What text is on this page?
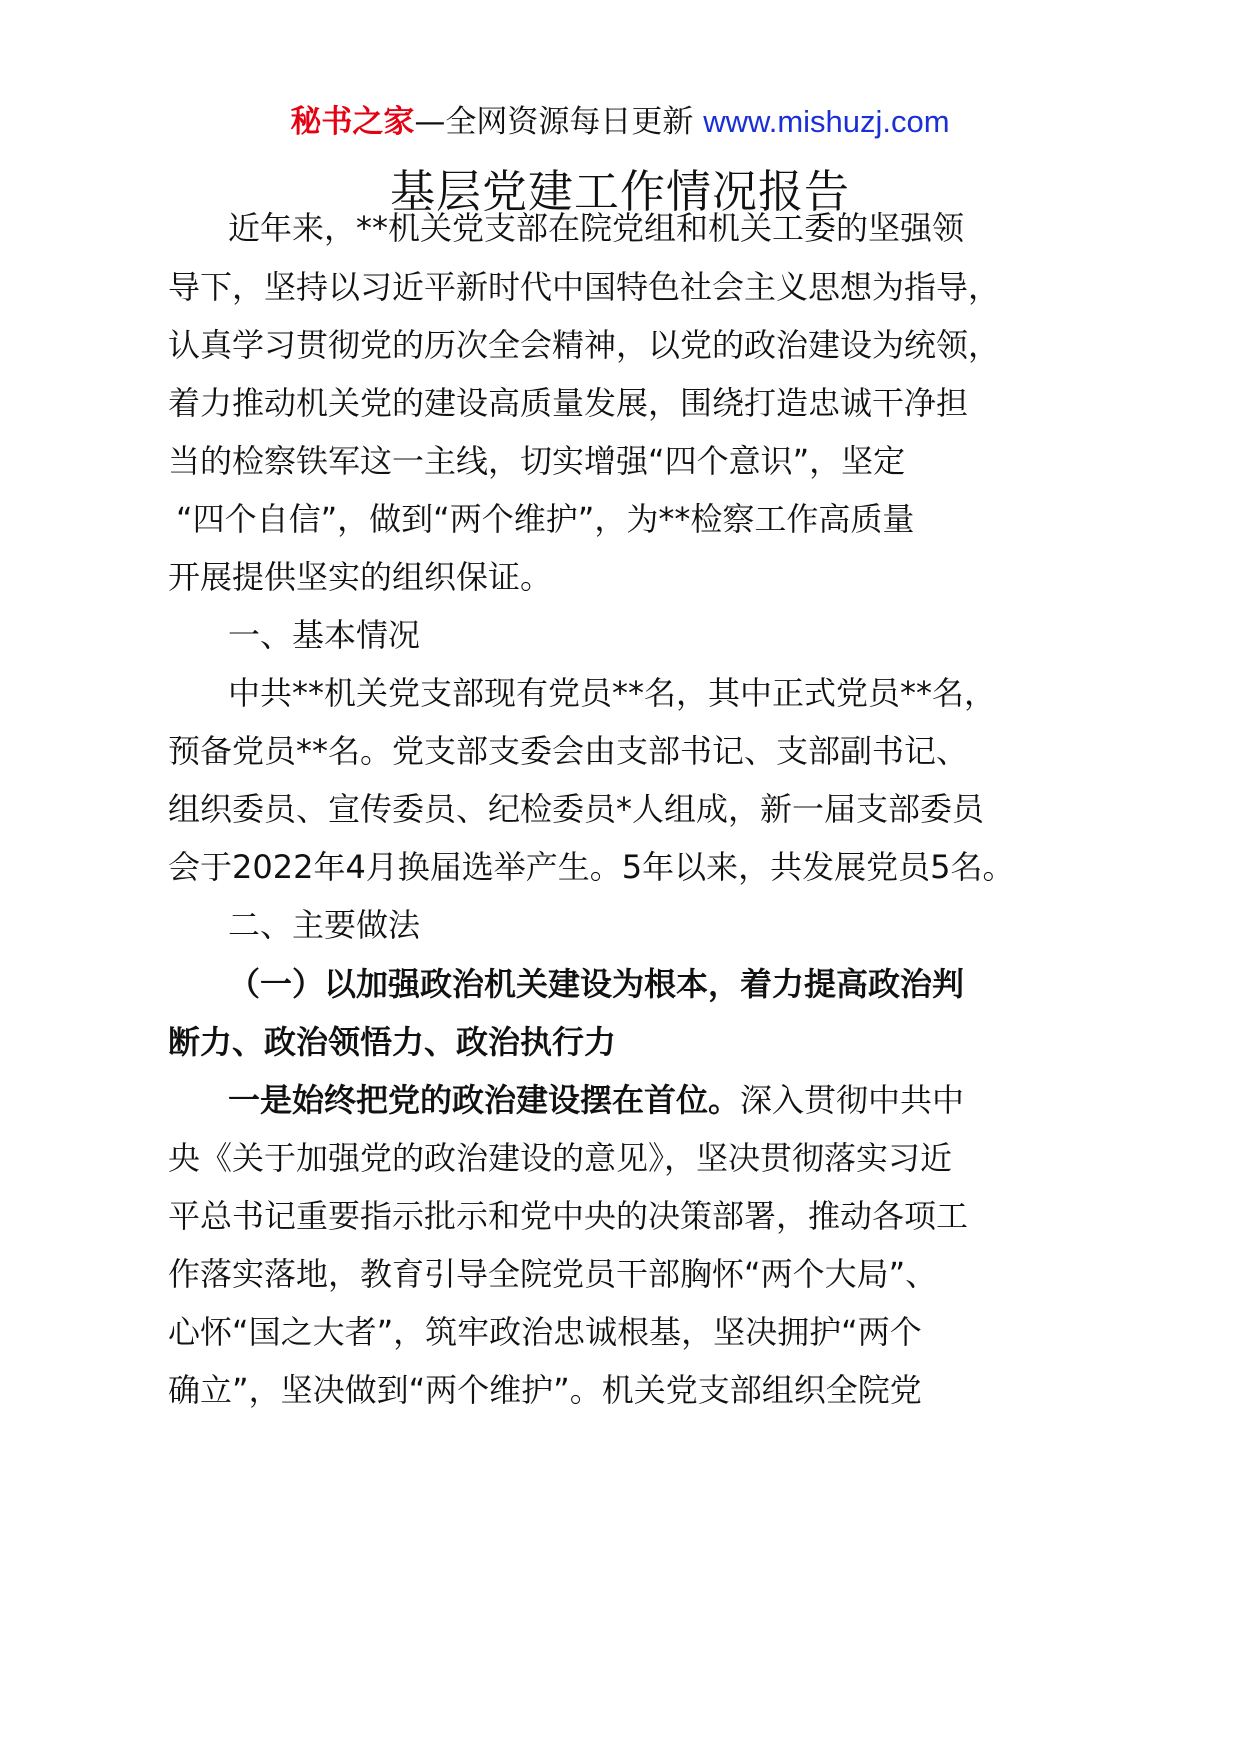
秘书之家—全网资源每日更新 www.mishuzj.com
基层党建工作情况报告
近年来，**机关党支部在院党组和机关工委的坚强领
导下，坚持以习近平新时代中国特色社会主义思想为指导，
认真学习贯彻党的历次全会精神，以党的政治建设为统领，
着力推动机关党的建设高质量发展，围绕打造忠诚干净担
当的检察铁军这一主线，切实增强“四个意识”，坚定
“四个自信”，做到“两个维护”，为**检察工作高质量
开展提供坚实的组织保证。
一、基本情况
中共**机关党支部现有党员**名，其中正式党员**名，
预备党员**名。党支部支委会由支部书记、支部副书记、
组织委员、宣传委员、纪检委员*人组成，新一届支部委员
会于2022年4月换届选举产生。5年以来，共发展党员5名。
二、主要做法
（一）以加强政治机关建设为根本，着力提高政治判
断力、政治领悟力、政治执行力
一是始终把党的政治建设摆在首位。深入贯彻中共中
央《关于加强党的政治建设的意见》，坚决贯彻落实习近
平总书记重要指示批示和党中央的决策部署，推动各项工
作落实落地，教育引导全院党员干部胸怀“两个大局”、
心怀“国之大者”，筑牢政治忠诚根基，坚决拥护“两个
确立”，坚决做到“两个维护”。机关党支部组织全院党
